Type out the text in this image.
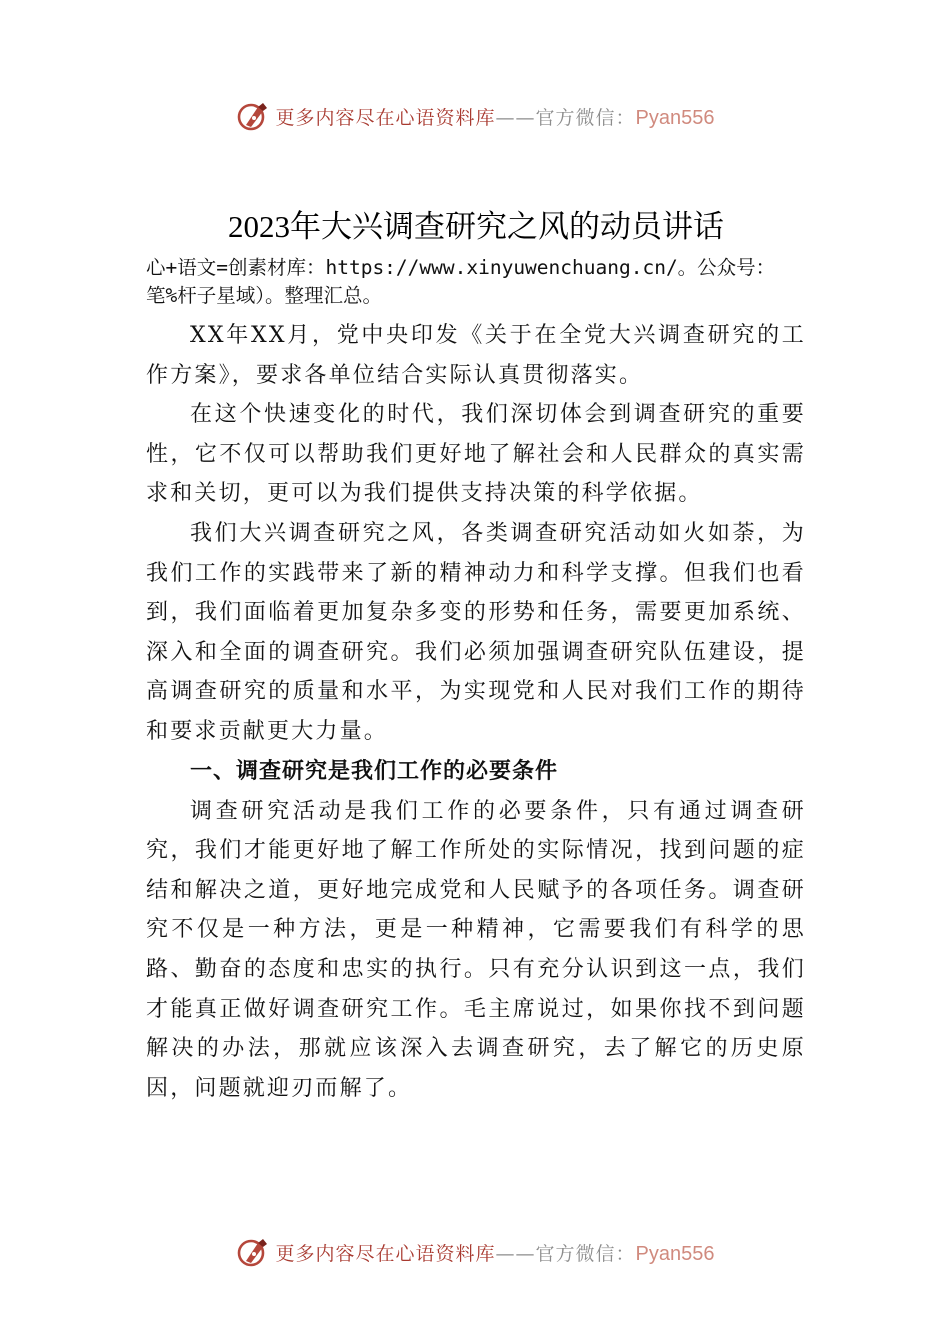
更多内容尽在心语资料库——官方微信：Pyan556
2023年大兴调查研究之风的动员讲话

心+语文=创素材库：https://www.xinyuwenchuang.cn/。公众号：笔%杆子星域）。整理汇总。

XX年XX月，党中央印发《关于在全党大兴调查研究的工作方案》，要求各单位结合实际认真贯彻落实。

在这个快速变化的时代，我们深切体会到调查研究的重要性，它不仅可以帮助我们更好地了解社会和人民群众的真实需求和关切，更可以为我们提供支持决策的科学依据。

我们大兴调查研究之风，各类调查研究活动如火如荼，为我们工作的实践带来了新的精神动力和科学支撑。但我们也看到，我们面临着更加复杂多变的形势和任务，需要更加系统、深入和全面的调查研究。我们必须加强调查研究队伍建设，提高调查研究的质量和水平，为实现党和人民对我们工作的期待和要求贡献更大力量。

一、调查研究是我们工作的必要条件

调查研究活动是我们工作的必要条件，只有通过调查研究，我们才能更好地了解工作所处的实际情况，找到问题的症结和解决之道，更好地完成党和人民赋予的各项任务。调查研究不仅是一种方法，更是一种精神，它需要我们有科学的思路、勤奋的态度和忠实的执行。只有充分认识到这一点，我们才能真正做好调查研究工作。毛主席说过，如果你找不到问题解决的办法，那就应该深入去调查研究，去了解它的历史原因，问题就迎刃而解了。

更多内容尽在心语资料库——官方微信：Pyan556
